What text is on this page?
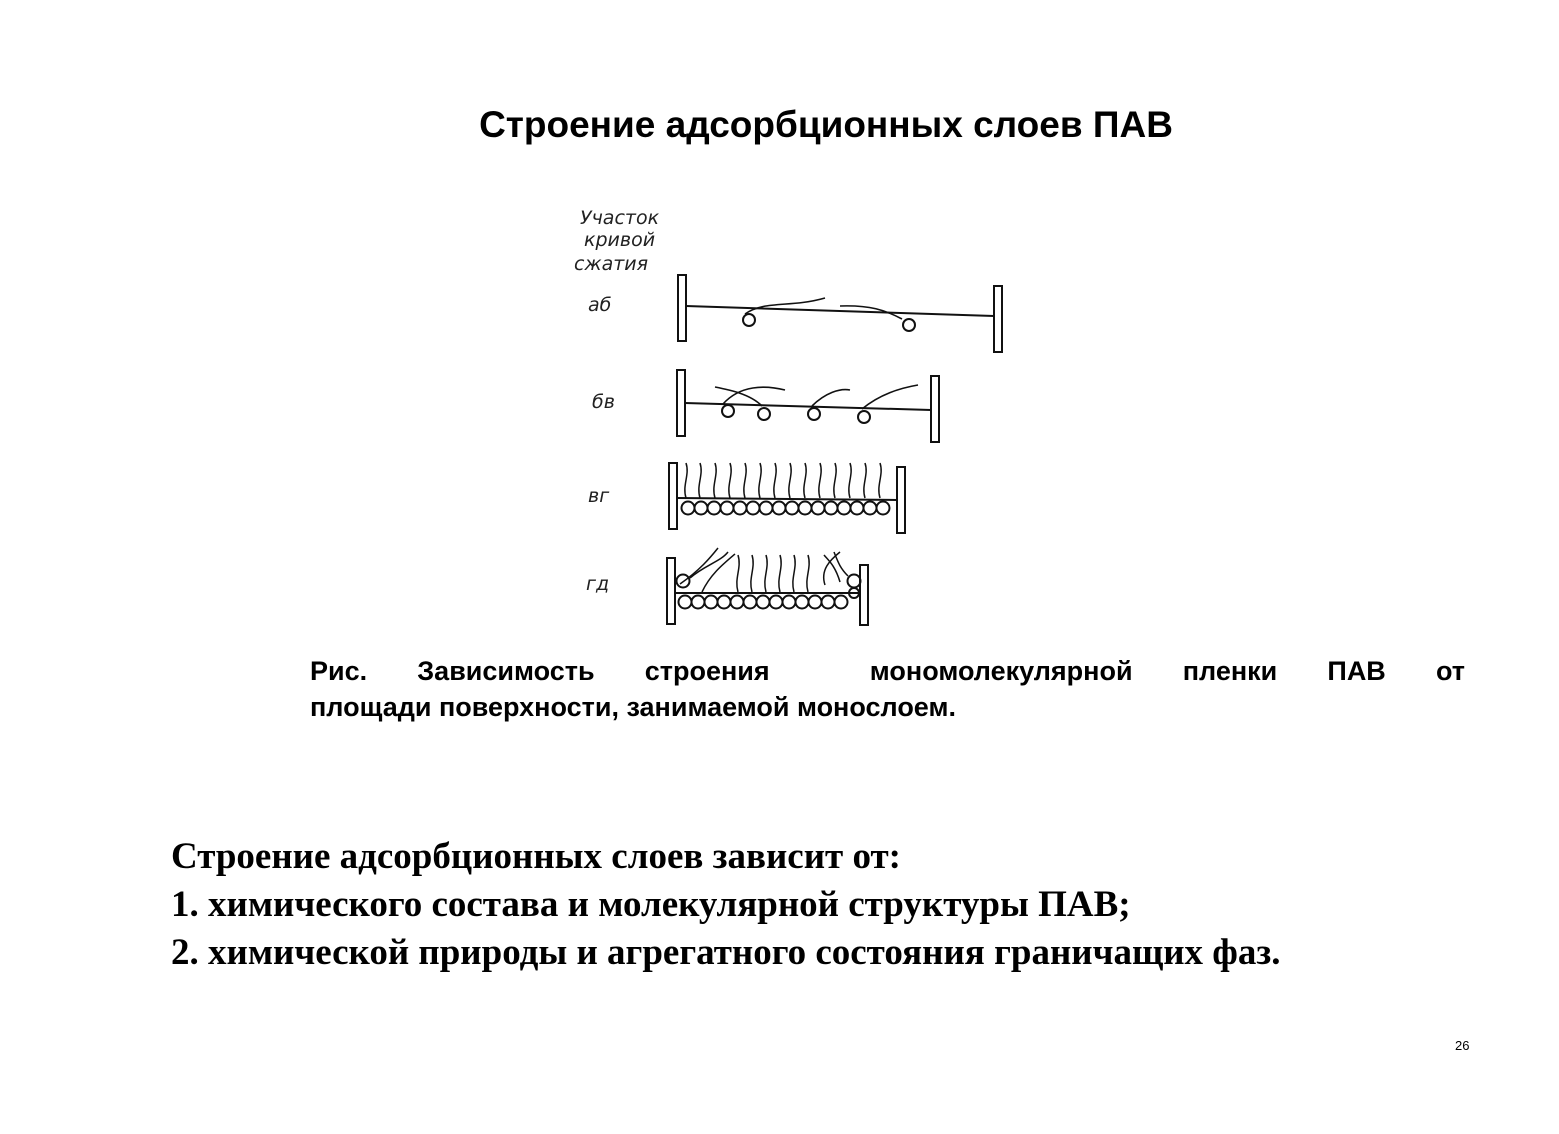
Строение адсорбционных слоев ПАВ
Участок
кривой
сжатия
аб
бв
вг
гд
Рис. Зависимость строения	мономолекулярной пленки ПАВ от
площади поверхности, занимаемой монослоем.
Строение адсорбционных слоев зависит от:
1. химического состава и молекулярной структуры ПАВ;
2. химической природы и агрегатного состояния граничащих фаз.
26
